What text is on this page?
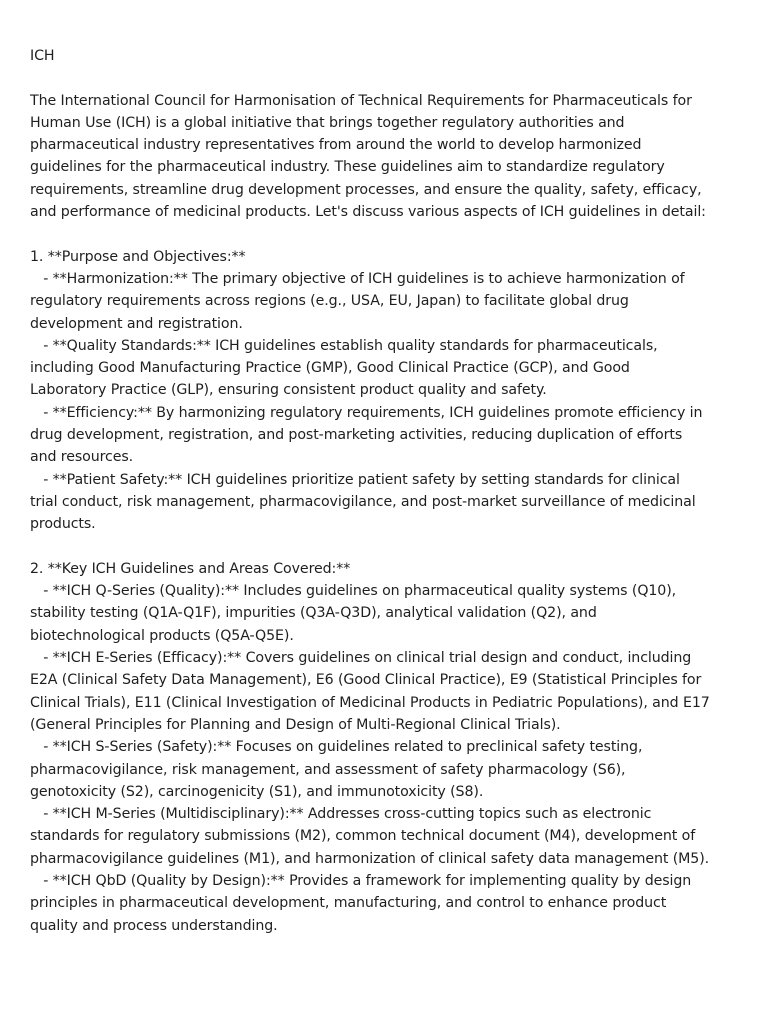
ICH
The International Council for Harmonisation of Technical Requirements for Pharmaceuticals for
Human Use (ICH) is a global initiative that brings together regulatory authorities and
pharmaceutical industry representatives from around the world to develop harmonized
guidelines for the pharmaceutical industry. These guidelines aim to standardize regulatory
requirements, streamline drug development processes, and ensure the quality, safety, efficacy,
and performance of medicinal products. Let's discuss various aspects of ICH guidelines in detail:
1. **Purpose and Objectives:**
- **Harmonization:** The primary objective of ICH guidelines is to achieve harmonization of
regulatory requirements across regions (e.g., USA, EU, Japan) to facilitate global drug
development and registration.
- **Quality Standards:** ICH guidelines establish quality standards for pharmaceuticals,
including Good Manufacturing Practice (GMP), Good Clinical Practice (GCP), and Good
Laboratory Practice (GLP), ensuring consistent product quality and safety.
- **Efficiency:** By harmonizing regulatory requirements, ICH guidelines promote efficiency in
drug development, registration, and post-marketing activities, reducing duplication of efforts
and resources.
- **Patient Safety:** ICH guidelines prioritize patient safety by setting standards for clinical
trial conduct, risk management, pharmacovigilance, and post-market surveillance of medicinal
products.
2. **Key ICH Guidelines and Areas Covered:**
- **ICH Q-Series (Quality):** Includes guidelines on pharmaceutical quality systems (Q10),
stability testing (Q1A-Q1F), impurities (Q3A-Q3D), analytical validation (Q2), and
biotechnological products (Q5A-Q5E).
- **ICH E-Series (Efficacy):** Covers guidelines on clinical trial design and conduct, including
E2A (Clinical Safety Data Management), E6 (Good Clinical Practice), E9 (Statistical Principles for
Clinical Trials), E11 (Clinical Investigation of Medicinal Products in Pediatric Populations), and E17
(General Principles for Planning and Design of Multi-Regional Clinical Trials).
- **ICH S-Series (Safety):** Focuses on guidelines related to preclinical safety testing,
pharmacovigilance, risk management, and assessment of safety pharmacology (S6),
genotoxicity (S2), carcinogenicity (S1), and immunotoxicity (S8).
- **ICH M-Series (Multidisciplinary):** Addresses cross-cutting topics such as electronic
standards for regulatory submissions (M2), common technical document (M4), development of
pharmacovigilance guidelines (M1), and harmonization of clinical safety data management (M5).
- **ICH QbD (Quality by Design):** Provides a framework for implementing quality by design
principles in pharmaceutical development, manufacturing, and control to enhance product
quality and process understanding.
